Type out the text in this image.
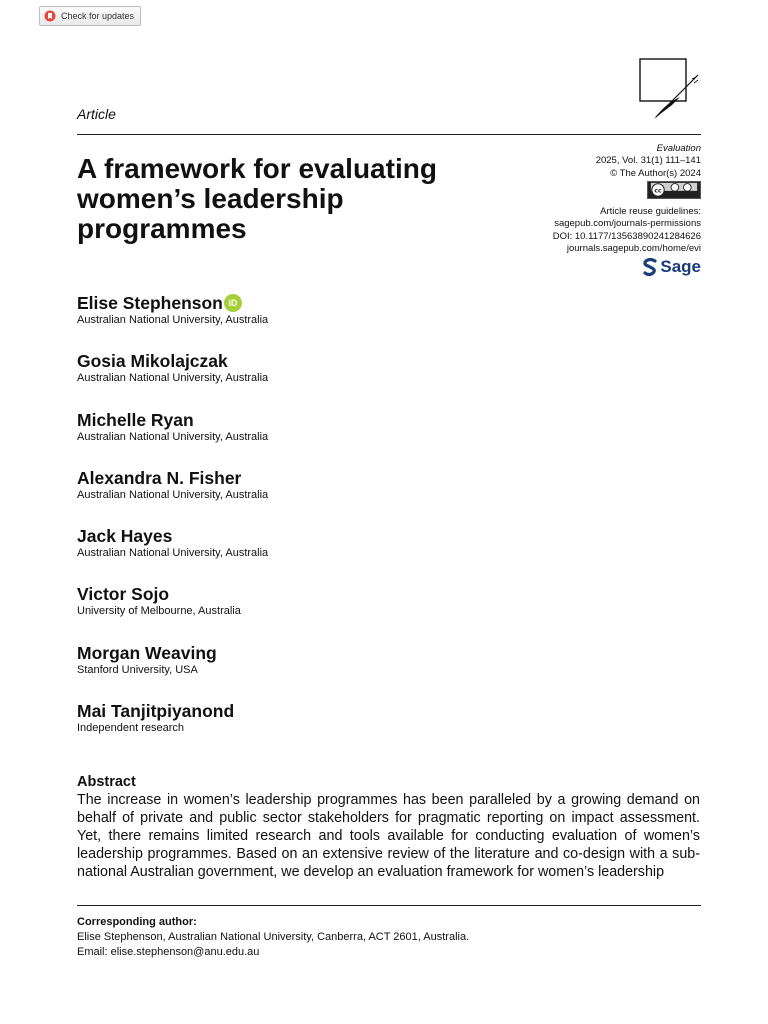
Check for updates
Article
A framework for evaluating women’s leadership programmes
Evaluation
2025, Vol. 31(1) 111–141
© The Author(s) 2024
cc
Article reuse guidelines:
sagepub.com/journals-permissions
DOI: 10.1177/13563890241284626
journals.sagepub.com/home/evi
Sage
Elise Stephenson iD
Australian National University, Australia
Gosia Mikolajczak
Australian National University, Australia
Michelle Ryan
Australian National University, Australia
Alexandra N. Fisher
Australian National University, Australia
Jack Hayes
Australian National University, Australia
Victor Sojo
University of Melbourne, Australia
Morgan Weaving
Stanford University, USA
Mai Tanjitpiyanond
Independent research
Abstract

The increase in women’s leadership programmes has been paralleled by a growing demand on behalf of private and public sector stakeholders for pragmatic reporting on impact assessment. Yet, there remains limited research and tools available for conducting evaluation of women’s leadership programmes. Based on an extensive review of the literature and co-design with a sub-national Australian government, we develop an evaluation framework for women’s leadership

Corresponding author:
Elise Stephenson, Australian National University, Canberra, ACT 2601, Australia.
Email: elise.stephenson@anu.edu.au
